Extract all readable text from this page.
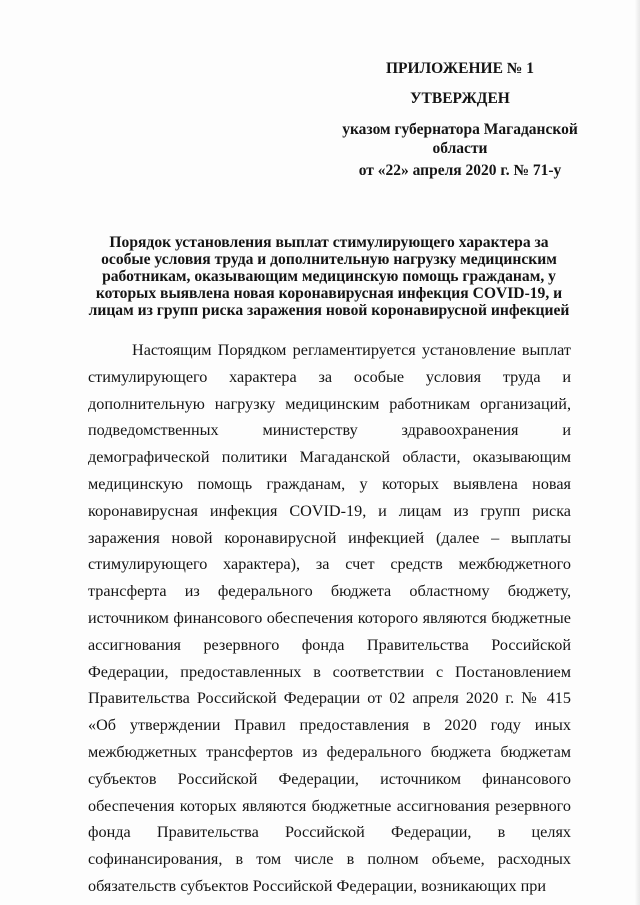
ПРИЛОЖЕНИЕ № 1
УТВЕРЖДЕН
указом губернатора Магаданской области
от «22» апреля 2020 г. № 71-у
Порядок установления выплат стимулирующего характера за особые условия труда и дополнительную нагрузку медицинским работникам, оказывающим медицинскую помощь гражданам, у которых выявлена новая коронавирусная инфекция COVID-19, и лицам из групп риска заражения новой коронавирусной инфекцией

Настоящим Порядком регламентируется установление выплат стимулирующего характера за особые условия труда и дополнительную нагрузку медицинским работникам организаций, подведомственных министерству здравоохранения и демографической политики Магаданской области, оказывающим медицинскую помощь гражданам, у которых выявлена новая коронавирусная инфекция COVID-19, и лицам из групп риска заражения новой коронавирусной инфекцией (далее – выплаты стимулирующего характера), за счет средств межбюджетного трансферта из федерального бюджета областному бюджету, источником финансового обеспечения которого являются бюджетные ассигнования резервного фонда Правительства Российской Федерации, предоставленных в соответствии с Постановлением Правительства Российской Федерации от 02 апреля 2020 г. № 415 «Об утверждении Правил предоставления в 2020 году иных межбюджетных трансфертов из федерального бюджета бюджетам субъектов Российской Федерации, источником финансового обеспечения которых являются бюджетные ассигнования резервного фонда Правительства Российской Федерации, в целях софинансирования, в том числе в полном объеме, расходных обязательств субъектов Российской Федерации, возникающих при
